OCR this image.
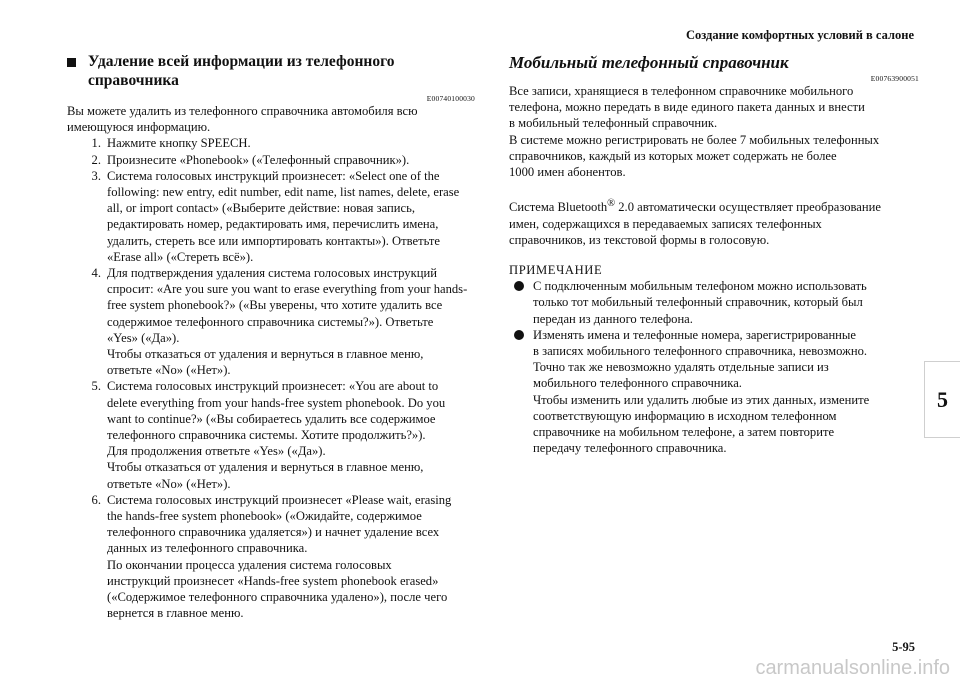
Создание комфортных условий в салоне
Удаление всей информации из телефонного
справочника
E00740100030
Вы можете удалить из телефонного справочника автомобиля всю
имеющуюся информацию.
1. Нажмите кнопку SPEECH.
2. Произнесите «Phonebook» («Телефонный справочник»).
3. Система голосовых инструкций произнесет: «Select one of the
following: new entry, edit number, edit name, list names, delete, erase
all, or import contact» («Выберите действие: новая запись,
редактировать номер, редактировать имя, перечислить имена,
удалить, стереть все или импортировать контакты»). Ответьте
«Erase all» («Стереть всё»).
4. Для подтверждения удаления система голосовых инструкций
спросит: «Are you sure you want to erase everything from your hands-
free system phonebook?» («Вы уверены, что хотите удалить все
содержимое телефонного справочника системы?»). Ответьте
«Yes» («Да»).
Чтобы отказаться от удаления и вернуться в главное меню,
ответьте «No» («Нет»).
5. Система голосовых инструкций произнесет: «You are about to
delete everything from your hands-free system phonebook. Do you
want to continue?» («Вы собираетесь удалить все содержимое
телефонного справочника системы. Хотите продолжить?»).
Для продолжения ответьте «Yes» («Да»).
Чтобы отказаться от удаления и вернуться в главное меню,
ответьте «No» («Нет»).
6. Система голосовых инструкций произнесет «Please wait, erasing
the hands-free system phonebook» («Ожидайте, содержимое
телефонного справочника удаляется») и начнет удаление всех
данных из телефонного справочника.
По окончании процесса удаления система голосовых
инструкций произнесет «Hands-free system phonebook erased»
(«Содержимое телефонного справочника удалено»), после чего
вернется в главное меню.
Мобильный телефонный справочник
E00763900051
Все записи, хранящиеся в телефонном справочнике мобильного
телефона, можно передать в виде единого пакета данных и внести
в мобильный телефонный справочник.
В системе можно регистрировать не более 7 мобильных телефонных
справочников, каждый из которых может содержать не более
1000 имен абонентов.
Система Bluetooth® 2.0 автоматически осуществляет преобразование
имен, содержащихся в передаваемых записях телефонных
справочников, из текстовой формы в голосовую.
ПРИМЕЧАНИЕ
С подключенным мобильным телефоном можно использовать
только тот мобильный телефонный справочник, который был
передан из данного телефона.
Изменять имена и телефонные номера, зарегистрированные
в записях мобильного телефонного справочника, невозможно.
Точно так же невозможно удалять отдельные записи из
мобильного телефонного справочника.
Чтобы изменить или удалить любые из этих данных, измените
соответствующую информацию в исходном телефонном
справочнике на мобильном телефоне, а затем повторите
передачу телефонного справочника.
5
5-95
carmanualsonline.info
